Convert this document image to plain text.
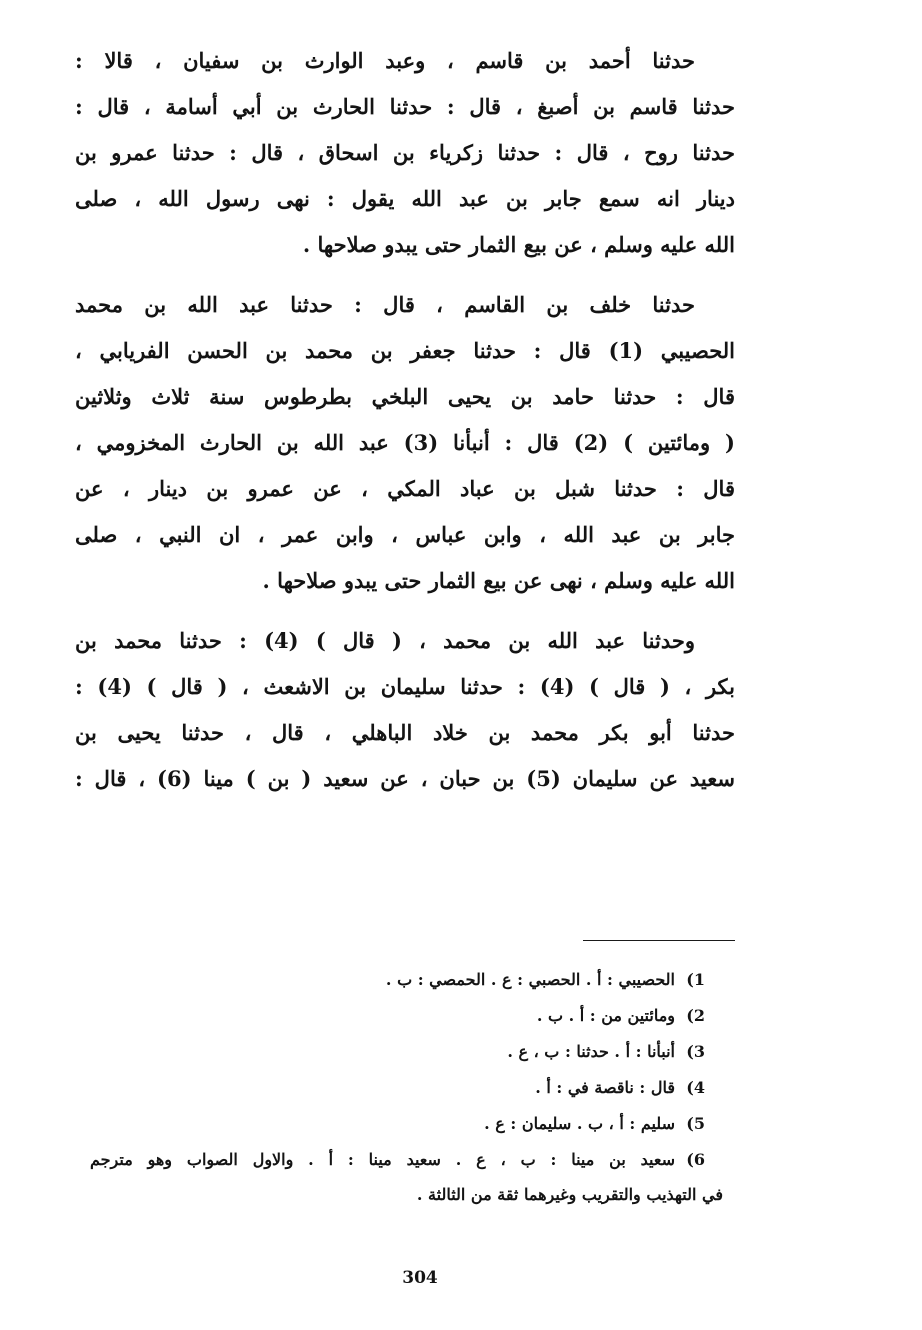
حدثنا أحمد بن قاسم ، وعبد الوارث بن سفيان ، قالا :
حدثنا قاسم بن أصبغ ، قال : حدثنا الحارث بن أبي أسامة ، قال :
حدثنا روح ، قال : حدثنا زكرياء بن اسحاق ، قال : حدثنا عمرو بن
دينار انه سمع جابر بن عبد الله يقول : نهى رسول الله ، صلى
الله عليه وسلم ، عن بيع الثمار حتى يبدو صلاحها .
حدثنا خلف بن القاسم ، قال : حدثنا عبد الله بن محمد
الحصيبي (1) قال : حدثنا جعفر بن محمد بن الحسن الفريابي ،
قال : حدثنا حامد بن يحيى البلخي بطرطوس سنة ثلاث وثلاثين
( ومائتين ) (2) قال : أنبأنا (3) عبد الله بن الحارث المخزومي ،
قال : حدثنا شبل بن عباد المكي ، عن عمرو بن دينار ، عن
جابر بن عبد الله ، وابن عباس ، وابن عمر ، ان النبي ، صلى
الله عليه وسلم ، نهى عن بيع الثمار حتى يبدو صلاحها .
وحدثنا عبد الله بن محمد ، ( قال ) (4) : حدثنا محمد بن
بكر ، ( قال ) (4) : حدثنا سليمان بن الاشعث ، ( قال ) (4) :
حدثنا أبو بكر محمد بن خلاد الباهلي ، قال ، حدثنا يحيى بن
سعيد عن سليمان (5) بن حبان ، عن سعيد ( بن ) مينا (6) ، قال :
1)
الحصيبي : أ . الحصبي : ع . الحمصي : ب .
2)
ومائتين من : أ . ب .
3)
أنبأنا : أ . حدثنا : ب ، ع .
4)
قال : ناقصة في : أ .
5)
سليم : أ ، ب . سليمان : ع .
6)
سعيد بن مينا : ب ، ع . سعيد مينا : أ . والاول الصواب وهو مترجم
في التهذيب والتقريب وغيرهما ثقة من الثالثة .
304
